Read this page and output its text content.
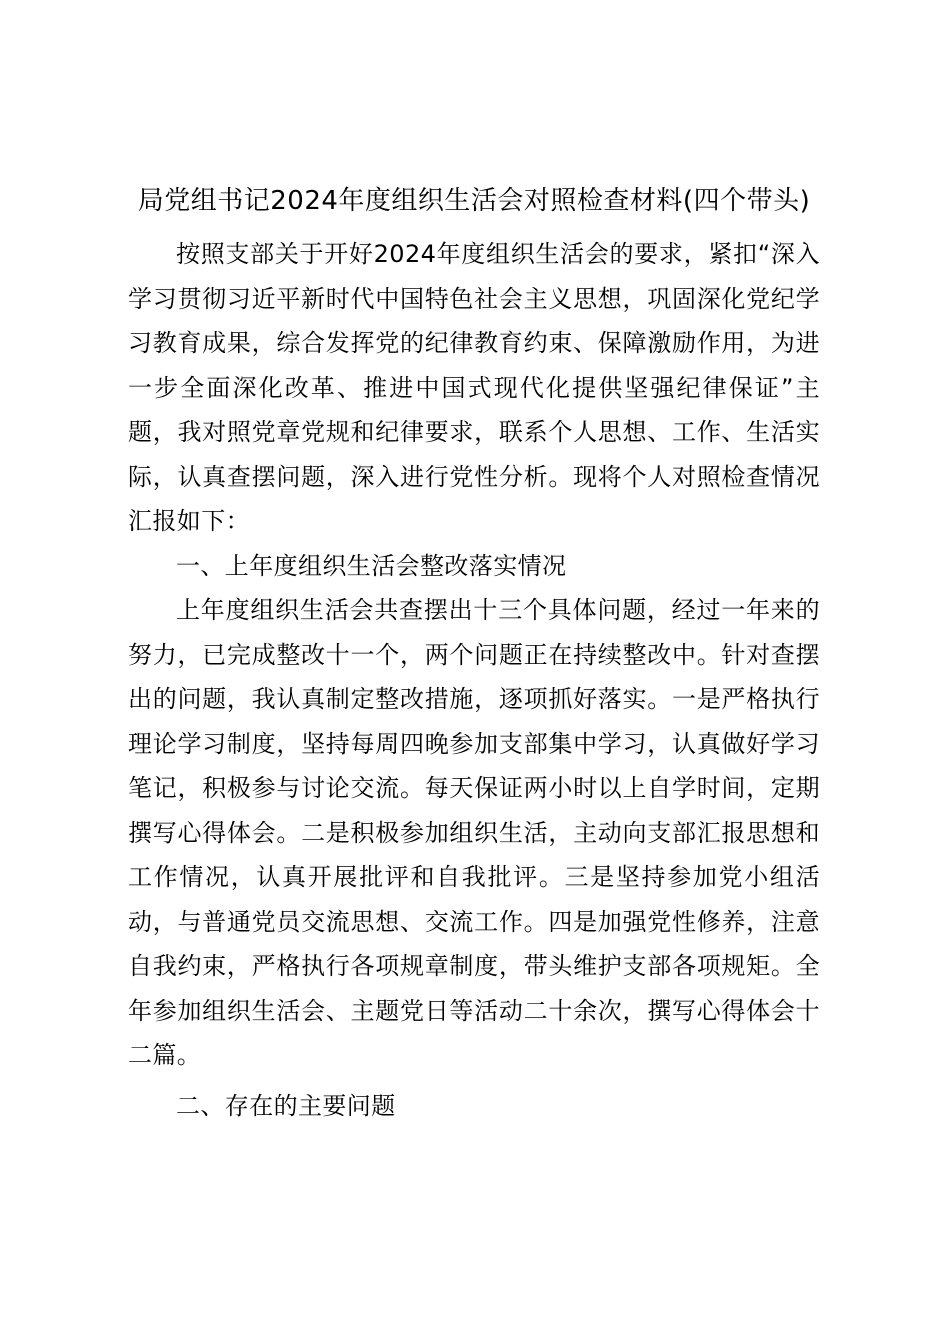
局党组书记2024年度组织生活会对照检查材料(四个带头)

按照支部关于开好2024年度组织生活会的要求，紧扣“深入学习贯彻习近平新时代中国特色社会主义思想，巩固深化党纪学习教育成果，综合发挥党的纪律教育约束、保障激励作用，为进一步全面深化改革、推进中国式现代化提供坚强纪律保证”主题，我对照党章党规和纪律要求，联系个人思想、工作、生活实际，认真查摆问题，深入进行党性分析。现将个人对照检查情况汇报如下：

一、上年度组织生活会整改落实情况

上年度组织生活会共查摆出十三个具体问题，经过一年来的努力，已完成整改十一个，两个问题正在持续整改中。针对查摆出的问题，我认真制定整改措施，逐项抓好落实。一是严格执行理论学习制度，坚持每周四晚参加支部集中学习，认真做好学习笔记，积极参与讨论交流。每天保证两小时以上自学时间，定期撰写心得体会。二是积极参加组织生活，主动向支部汇报思想和工作情况，认真开展批评和自我批评。三是坚持参加党小组活动，与普通党员交流思想、交流工作。四是加强党性修养，注意自我约束，严格执行各项规章制度，带头维护支部各项规矩。全年参加组织生活会、主题党日等活动二十余次，撰写心得体会十二篇。

二、存在的主要问题
